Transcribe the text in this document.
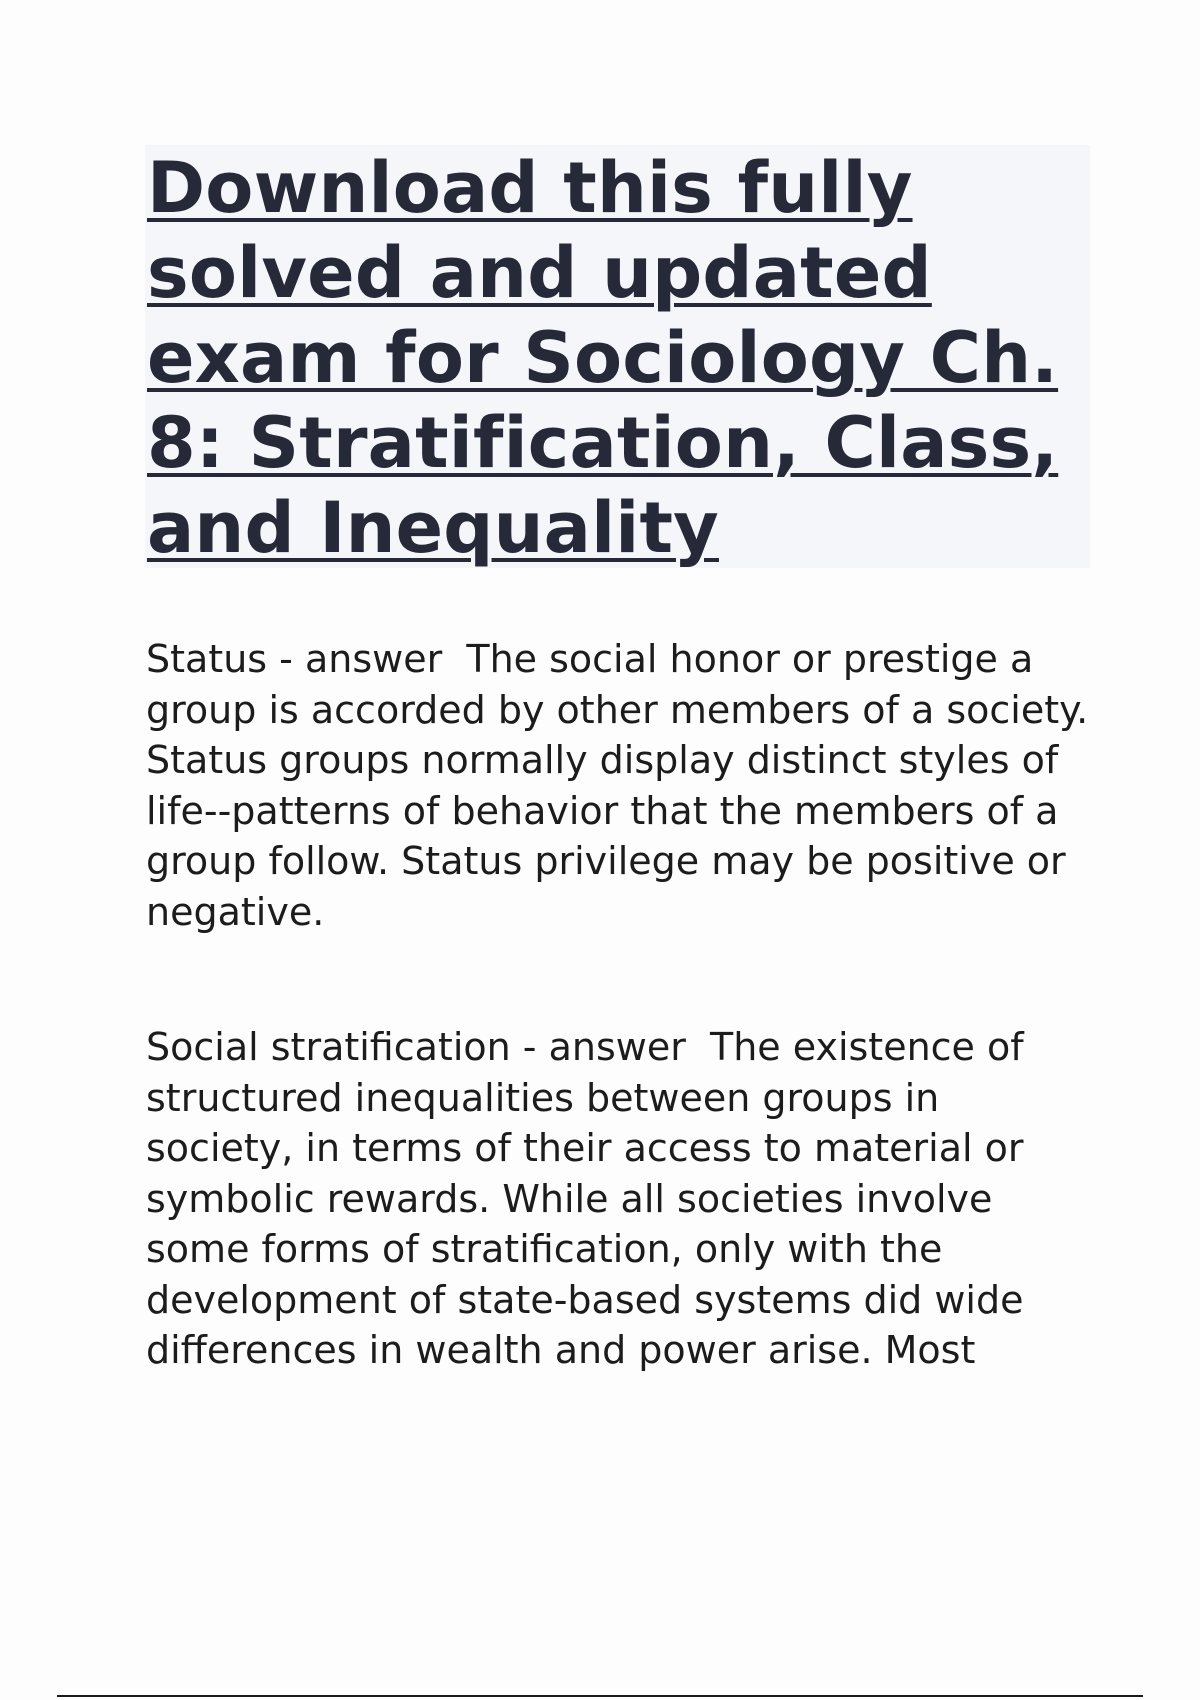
Download this fully solved and updated exam for Sociology Ch. 8: Stratification, Class, and Inequality

Status - answer  The social honor or prestige a group is accorded by other members of a society. Status groups normally display distinct styles of life--patterns of behavior that the members of a group follow. Status privilege may be positive or negative.

Social stratification - answer  The existence of structured inequalities between groups in society, in terms of their access to material or symbolic rewards. While all societies involve some forms of stratification, only with the development of state-based systems did wide differences in wealth and power arise. Most
